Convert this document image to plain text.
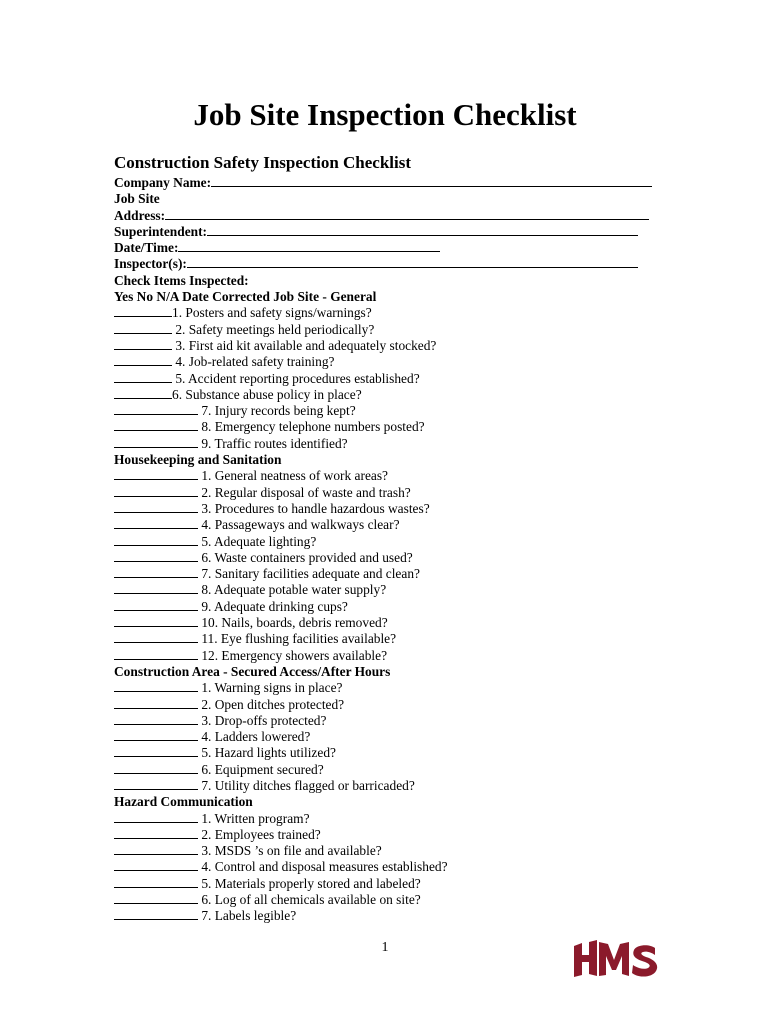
Job Site Inspection Checklist
Construction Safety Inspection Checklist
Company Name:
Job Site
Address:
Superintendent:
Date/Time:
Inspector(s):
Check Items Inspected:
Yes No N/A Date Corrected Job Site - General
1. Posters and safety signs/warnings?
2. Safety meetings held periodically?
3. First aid kit available and adequately stocked?
4. Job-related safety training?
5. Accident reporting procedures established?
6. Substance abuse policy in place?
7. Injury records being kept?
8. Emergency telephone numbers posted?
9. Traffic routes identified?
Housekeeping and Sanitation
1. General neatness of work areas?
2. Regular disposal of waste and trash?
3. Procedures to handle hazardous wastes?
4. Passageways and walkways clear?
5. Adequate lighting?
6. Waste containers provided and used?
7. Sanitary facilities adequate and clean?
8. Adequate potable water supply?
9. Adequate drinking cups?
10. Nails, boards, debris removed?
11. Eye flushing facilities available?
12. Emergency showers available?
Construction Area - Secured Access/After Hours
1. Warning signs in place?
2. Open ditches protected?
3. Drop-offs protected?
4. Ladders lowered?
5. Hazard lights utilized?
6. Equipment secured?
7. Utility ditches flagged or barricaded?
Hazard Communication
1. Written program?
2. Employees trained?
3. MSDS ’s on file and available?
4. Control and disposal measures established?
5. Materials properly stored and labeled?
6. Log of all chemicals available on site?
7. Labels legible?
1
